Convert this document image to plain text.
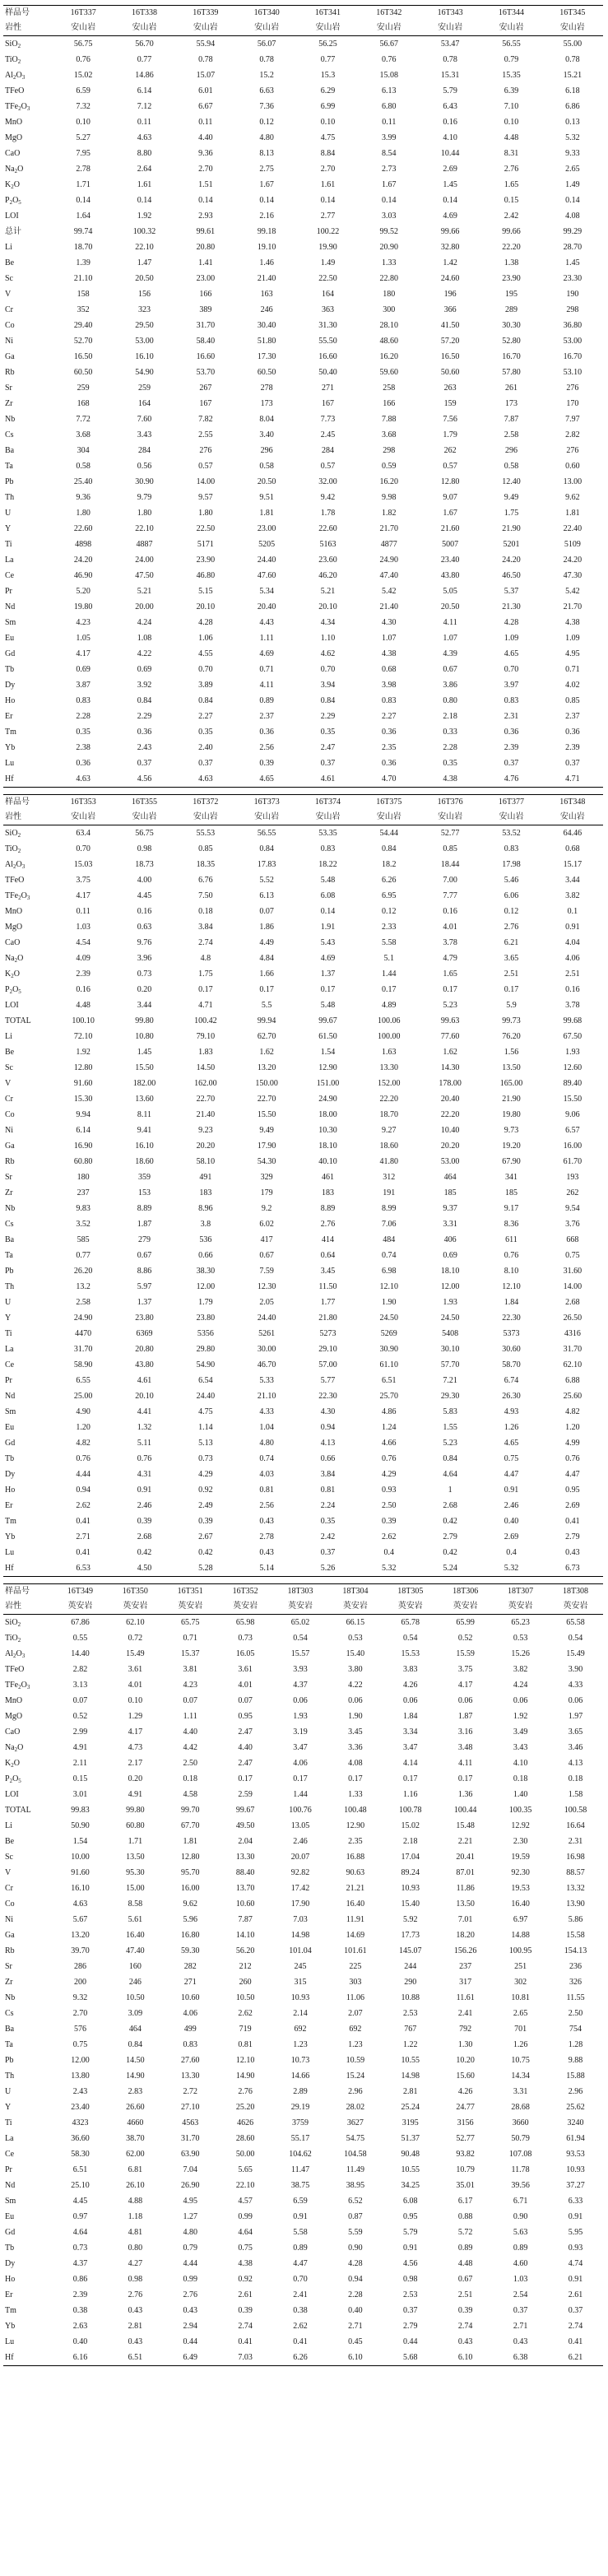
样品号	16T337	16T338	16T339	16T340	16T341	16T342	16T343	16T344	16T345
岩性	安山岩	安山岩	安山岩	安山岩	安山岩	安山岩	安山岩	安山岩	安山岩
SiO$_2$	56.75	56.70	55.94	56.07	56.25	56.67	53.47	56.55	55.00
TiO$_2$	0.76	0.77	0.78	0.78	0.77	0.76	0.78	0.79	0.78
$Al_2O_3$	15.02	14.86	15.07	15.2	15.3	15.08	15.31	15.35	15.21
TFeO	6.59	6.14	6.01	6.63	6.29	6.13	5.79	6.39	6.18
$TFe_2O_3$	7.32	7.12	6.67	7.36	6.99	6.80	6.43	7.10	6.86
MnO	0.10	0.11	0.11	0.12	0.10	0.11	0.16	0.10	0.13
MgO	5.27	4.63	4.40	4.80	4.75	3.99	4.10	4.48	5.32
CaO	7.95	8.80	9.36	8.13	8.84	8.54	10.44	8.31	9.33
$Na_2O$	2.78	2.64	2.70	2.75	2.70	2.73	2.69	2.76	2.65
$K_2O$	1.71	1.61	1.51	1.67	1.61	1.67	1.45	1.65	1.49
$P_2O_5$	0.14	0.14	0.14	0.14	0.14	0.14	0.14	0.15	0.14
LOI	1.64	1.92	2.93	2.16	2.77	3.03	4.69	2.42	4.08
总计	99.74	100.32	99.61	99.18	100.22	99.52	99.66	99.66	99.29
Li	18.70	22.10	20.80	19.10	19.90	20.90	32.80	22.20	28.70
Be	1.39	1.47	1.41	1.46	1.49	1.33	1.42	1.38	1.45
Sc	21.10	20.50	23.00	21.40	22.50	22.80	24.60	23.90	23.30
V	158	156	166	163	164	180	196	195	190
Cr	352	323	389	246	363	300	366	289	298
Co	29.40	29.50	31.70	30.40	31.30	28.10	41.50	30.30	36.80
Ni	52.70	53.00	58.40	51.80	55.50	48.60	57.20	52.80	53.00
Ga	16.50	16.10	16.60	17.30	16.60	16.20	16.50	16.70	16.70
Rb	60.50	54.90	53.70	60.50	50.40	59.60	50.60	57.80	53.10
Sr	259	259	267	278	271	258	263	261	276
Zr	168	164	167	173	167	166	159	173	170
Nb	7.72	7.60	7.82	8.04	7.73	7.88	7.56	7.87	7.97
Cs	3.68	3.43	2.55	3.40	2.45	3.68	1.79	2.58	2.82
Ba	304	284	276	296	284	298	262	296	276
Ta	0.58	0.56	0.57	0.58	0.57	0.59	0.57	0.58	0.60
Pb	25.40	30.90	14.00	20.50	32.00	16.20	12.80	12.40	13.00
Th	9.36	9.79	9.57	9.51	9.42	9.98	9.07	9.49	9.62
U	1.80	1.80	1.80	1.81	1.78	1.82	1.67	1.75	1.81
Y	22.60	22.10	22.50	23.00	22.60	21.70	21.60	21.90	22.40
Ti	4898	4887	5171	5205	5163	4877	5007	5201	5109
La	24.20	24.00	23.90	24.40	23.60	24.90	23.40	24.20	24.20
Ce	46.90	47.50	46.80	47.60	46.20	47.40	43.80	46.50	47.30
Pr	5.20	5.21	5.15	5.34	5.21	5.42	5.05	5.37	5.42
Nd	19.80	20.00	20.10	20.40	20.10	21.40	20.50	21.30	21.70
Sm	4.23	4.24	4.28	4.43	4.34	4.30	4.11	4.28	4.38
Eu	1.05	1.08	1.06	1.11	1.10	1.07	1.07	1.09	1.09
Gd	4.17	4.22	4.55	4.69	4.62	4.38	4.39	4.65	4.95
Tb	0.69	0.69	0.70	0.71	0.70	0.68	0.67	0.70	0.71
Dy	3.87	3.92	3.89	4.11	3.94	3.98	3.86	3.97	4.02
Ho	0.83	0.84	0.84	0.89	0.84	0.83	0.80	0.83	0.85
Er	2.28	2.29	2.27	2.37	2.29	2.27	2.18	2.31	2.37
Tm	0.35	0.36	0.35	0.36	0.35	0.36	0.33	0.36	0.36
Yb	2.38	2.43	2.40	2.56	2.47	2.35	2.28	2.39	2.39
Lu	0.36	0.37	0.37	0.39	0.37	0.36	0.35	0.37	0.37
Hf	4.63	4.56	4.63	4.65	4.61	4.70	4.38	4.76	4.71
样品号	16T353	16T355	16T372	16T373	16T374	16T375	16T376	16T377	16T348
岩性	安山岩	安山岩	安山岩	安山岩	安山岩	安山岩	安山岩	安山岩	安山岩
SiO$_2$	63.4	56.75	55.53	56.55	53.35	54.44	52.77	53.52	64.46
TiO$_2$	0.70	0.98	0.85	0.84	0.83	0.84	0.85	0.83	0.68
$Al_2O_3$	15.03	18.73	18.35	17.83	18.22	18.2	18.44	17.98	15.17
TFeO	3.75	4.00	6.76	5.52	5.48	6.26	7.00	5.46	3.44
$TFe_2O_3$	4.17	4.45	7.50	6.13	6.08	6.95	7.77	6.06	3.82
MnO	0.11	0.16	0.18	0.07	0.14	0.12	0.16	0.12	0.1
MgO	1.03	0.63	3.84	1.86	1.91	2.33	4.01	2.76	0.91
CaO	4.54	9.76	2.74	4.49	5.43	5.58	3.78	6.21	4.04
$Na_2O$	4.09	3.96	4.8	4.84	4.69	5.1	4.79	3.65	4.06
$K_2O$	2.39	0.73	1.75	1.66	1.37	1.44	1.65	2.51	2.51
$P_2O_5$	0.16	0.20	0.17	0.17	0.17	0.17	0.17	0.17	0.16
LOI	4.48	3.44	4.71	5.5	5.48	4.89	5.23	5.9	3.78
TOTAL	100.10	99.80	100.42	99.94	99.67	100.06	99.63	99.73	99.68
Li	72.10	10.80	79.10	62.70	61.50	100.00	77.60	76.20	67.50
Be	1.92	1.45	1.83	1.62	1.54	1.63	1.62	1.56	1.93
Sc	12.80	15.50	14.50	13.20	12.90	13.30	14.30	13.50	12.60
V	91.60	182.00	162.00	150.00	151.00	152.00	178.00	165.00	89.40
Cr	15.30	13.60	22.70	22.70	24.90	22.20	20.40	21.90	15.50
Co	9.94	8.11	21.40	15.50	18.00	18.70	22.20	19.80	9.06
Ni	6.14	9.41	9.23	9.49	10.30	9.27	10.40	9.73	6.57
Ga	16.90	16.10	20.20	17.90	18.10	18.60	20.20	19.20	16.00
Rb	60.80	18.60	58.10	54.30	40.10	41.80	53.00	67.90	61.70
Sr	180	359	491	329	461	312	464	341	193
Zr	237	153	183	179	183	191	185	185	262
Nb	9.83	8.89	8.96	9.2	8.89	8.99	9.37	9.17	9.54
Cs	3.52	1.87	3.8	6.02	2.76	7.06	3.31	8.36	3.76
Ba	585	279	536	417	414	484	406	611	668
Ta	0.77	0.67	0.66	0.67	0.64	0.74	0.69	0.76	0.75
Pb	26.20	8.86	38.30	7.59	3.45	6.98	18.10	8.10	31.60
Th	13.2	5.97	12.00	12.30	11.50	12.10	12.00	12.10	14.00
U	2.58	1.37	1.79	2.05	1.77	1.90	1.93	1.84	2.68
Y	24.90	23.80	23.80	24.40	21.80	24.50	24.50	22.30	26.50
Ti	4470	6369	5356	5261	5273	5269	5408	5373	4316
La	31.70	20.80	29.80	30.00	29.10	30.90	30.10	30.60	31.70
Ce	58.90	43.80	54.90	46.70	57.00	61.10	57.70	58.70	62.10
Pr	6.55	4.61	6.54	5.33	5.77	6.51	7.21	6.74	6.88
Nd	25.00	20.10	24.40	21.10	22.30	25.70	29.30	26.30	25.60
Sm	4.90	4.41	4.75	4.33	4.30	4.86	5.83	4.93	4.82
Eu	1.20	1.32	1.14	1.04	0.94	1.24	1.55	1.26	1.20
Gd	4.82	5.11	5.13	4.80	4.13	4.66	5.23	4.65	4.99
Tb	0.76	0.76	0.73	0.74	0.66	0.76	0.84	0.75	0.76
Dy	4.44	4.31	4.29	4.03	3.84	4.29	4.64	4.47	4.47
Ho	0.94	0.91	0.92	0.81	0.81	0.93	1	0.91	0.95
Er	2.62	2.46	2.49	2.56	2.24	2.50	2.68	2.46	2.69
Tm	0.41	0.39	0.39	0.43	0.35	0.39	0.42	0.40	0.41
Yb	2.71	2.68	2.67	2.78	2.42	2.62	2.79	2.69	2.79
Lu	0.41	0.42	0.42	0.43	0.37	0.4	0.42	0.4	0.43
Hf	6.53	4.50	5.28	5.14	5.26	5.32	5.24	5.32	6.73
样品号	16T349	16T350	16T351	16T352	18T303	18T304	18T305	18T306	18T307	18T308
岩性	英安岩	英安岩	英安岩	英安岩	英安岩	英安岩	英安岩	英安岩	英安岩	英安岩
SiO$_2$	67.86	62.10	65.75	65.98	65.02	66.15	65.78	65.99	65.23	65.58
TiO$_2$	0.55	0.72	0.71	0.73	0.54	0.53	0.54	0.52	0.53	0.54
$Al_2O_3$	14.40	15.49	15.37	16.05	15.57	15.40	15.53	15.59	15.26	15.49
TFeO	2.82	3.61	3.81	3.61	3.93	3.80	3.83	3.75	3.82	3.90
$TFe_2O_3$	3.13	4.01	4.23	4.01	4.37	4.22	4.26	4.17	4.24	4.33
MnO	0.07	0.10	0.07	0.07	0.06	0.06	0.06	0.06	0.06	0.06
MgO	0.52	1.29	1.11	0.95	1.93	1.90	1.84	1.87	1.92	1.97
CaO	2.99	4.17	4.40	2.47	3.19	3.45	3.34	3.16	3.49	3.65
$Na_2O$	4.91	4.73	4.42	4.40	3.47	3.36	3.47	3.48	3.43	3.46
$K_2O$	2.11	2.17	2.50	2.47	4.06	4.08	4.14	4.11	4.10	4.13
$P_2O_5$	0.15	0.20	0.18	0.17	0.17	0.17	0.17	0.17	0.18	0.18
LOI	3.01	4.91	4.58	2.59	1.44	1.33	1.16	1.36	1.40	1.58
TOTAL	99.83	99.80	99.70	99.67	100.76	100.48	100.78	100.44	100.35	100.58
Li	50.90	60.80	67.70	49.50	13.05	12.90	15.02	15.48	12.92	16.64
Be	1.54	1.71	1.81	2.04	2.46	2.35	2.18	2.21	2.30	2.31
Sc	10.00	13.50	12.80	13.30	20.07	16.88	17.04	20.41	19.59	16.98
V	91.60	95.30	95.70	88.40	92.82	90.63	89.24	87.01	92.30	88.57
Cr	16.10	15.00	16.00	13.70	17.42	21.21	10.93	11.86	19.53	13.32
Co	4.63	8.58	9.62	10.60	17.90	16.40	15.40	13.50	16.40	13.90
Ni	5.67	5.61	5.96	7.87	7.03	11.91	5.92	7.01	6.97	5.86
Ga	13.20	16.40	16.80	14.10	14.98	14.69	17.73	18.20	14.88	15.58
Rb	39.70	47.40	59.30	56.20	101.04	101.61	145.07	156.26	100.95	154.13
Sr	286	160	282	212	245	225	244	237	251	236
Zr	200	246	271	260	315	303	290	317	302	326
Nb	9.32	10.50	10.60	10.50	10.93	11.06	10.88	11.61	10.81	11.55
Cs	2.70	3.09	4.06	2.62	2.14	2.07	2.53	2.41	2.65	2.50
Ba	576	464	499	719	692	692	767	792	701	754
Ta	0.75	0.84	0.83	0.81	1.23	1.23	1.22	1.30	1.26	1.28
Pb	12.00	14.50	27.60	12.10	10.73	10.59	10.55	10.20	10.75	9.88
Th	13.80	14.90	13.30	14.90	14.66	15.24	14.98	15.60	14.34	15.88
U	2.43	2.83	2.72	2.76	2.89	2.96	2.81	4.26	3.31	2.96
Y	23.40	26.60	27.10	25.20	29.19	28.02	25.24	24.77	28.68	25.62
Ti	4323	4660	4563	4626	3759	3627	3195	3156	3660	3240
La	36.60	38.70	31.70	28.60	55.17	54.75	51.37	52.77	50.79	61.94
Ce	58.30	62.00	63.90	50.00	104.62	104.58	90.48	93.82	107.08	93.53
Pr	6.51	6.81	7.04	5.65	11.47	11.49	10.55	10.79	11.78	10.93
Nd	25.10	26.10	26.90	22.10	38.75	38.95	34.25	35.01	39.56	37.27
Sm	4.45	4.88	4.95	4.57	6.59	6.52	6.08	6.17	6.71	6.33
Eu	0.97	1.18	1.27	0.99	0.91	0.87	0.95	0.88	0.90	0.91
Gd	4.64	4.81	4.80	4.64	5.58	5.59	5.79	5.72	5.63	5.95
Tb	0.73	0.80	0.79	0.75	0.89	0.90	0.91	0.89	0.89	0.93
Dy	4.37	4.27	4.44	4.38	4.47	4.28	4.56	4.48	4.60	4.74
Ho	0.86	0.98	0.99	0.92	0.70	0.94	0.98	0.67	1.03	0.91
Er	2.39	2.76	2.76	2.61	2.41	2.28	2.53	2.51	2.54	2.61
Tm	0.38	0.43	0.43	0.39	0.38	0.40	0.37	0.39	0.37	0.37
Yb	2.63	2.81	2.94	2.74	2.62	2.71	2.79	2.74	2.71	2.74
Lu	0.40	0.43	0.44	0.41	0.41	0.45	0.44	0.43	0.43	0.41
Hf	6.16	6.51	6.49	7.03	6.26	6.10	5.68	6.10	6.38	6.21
